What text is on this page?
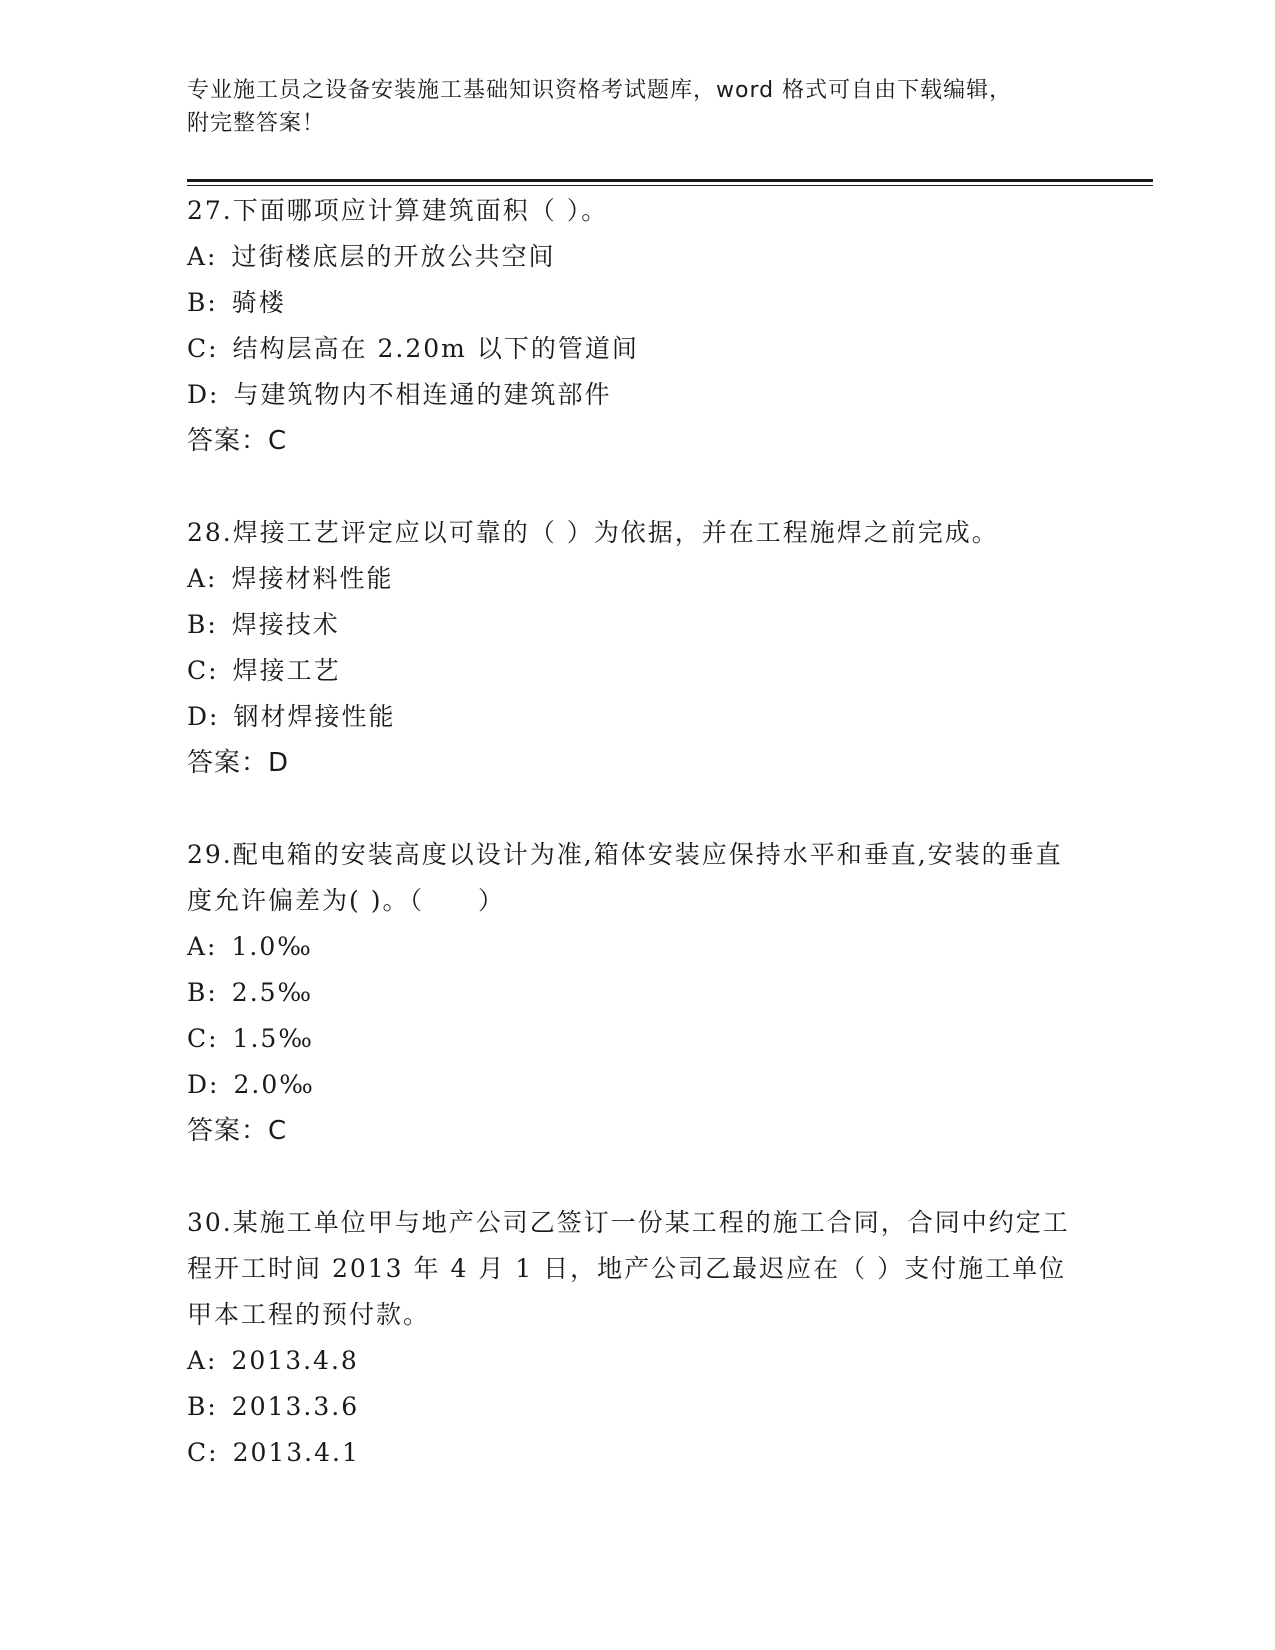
专业施工员之设备安装施工基础知识资格考试题库，word 格式可自由下载编辑，
附完整答案！
27.下面哪项应计算建筑面积（ ）。
A: 过街楼底层的开放公共空间
B: 骑楼
C: 结构层高在 2.20m 以下的管道间
D: 与建筑物内不相连通的建筑部件
答案：C
28.焊接工艺评定应以可靠的（ ）为依据，并在工程施焊之前完成。
A: 焊接材料性能
B: 焊接技术
C: 焊接工艺
D: 钢材焊接性能
答案：D
29.配电箱的安装高度以设计为准,箱体安装应保持水平和垂直,安装的垂直度允许偏差为( )。（　　）
A: 1.0‰
B: 2.5‰
C: 1.5‰
D: 2.0‰
答案：C
30.某施工单位甲与地产公司乙签订一份某工程的施工合同，合同中约定工程开工时间 2013 年 4 月 1 日，地产公司乙最迟应在（ ）支付施工单位甲本工程的预付款。
A: 2013.4.8
B: 2013.3.6
C: 2013.4.1
